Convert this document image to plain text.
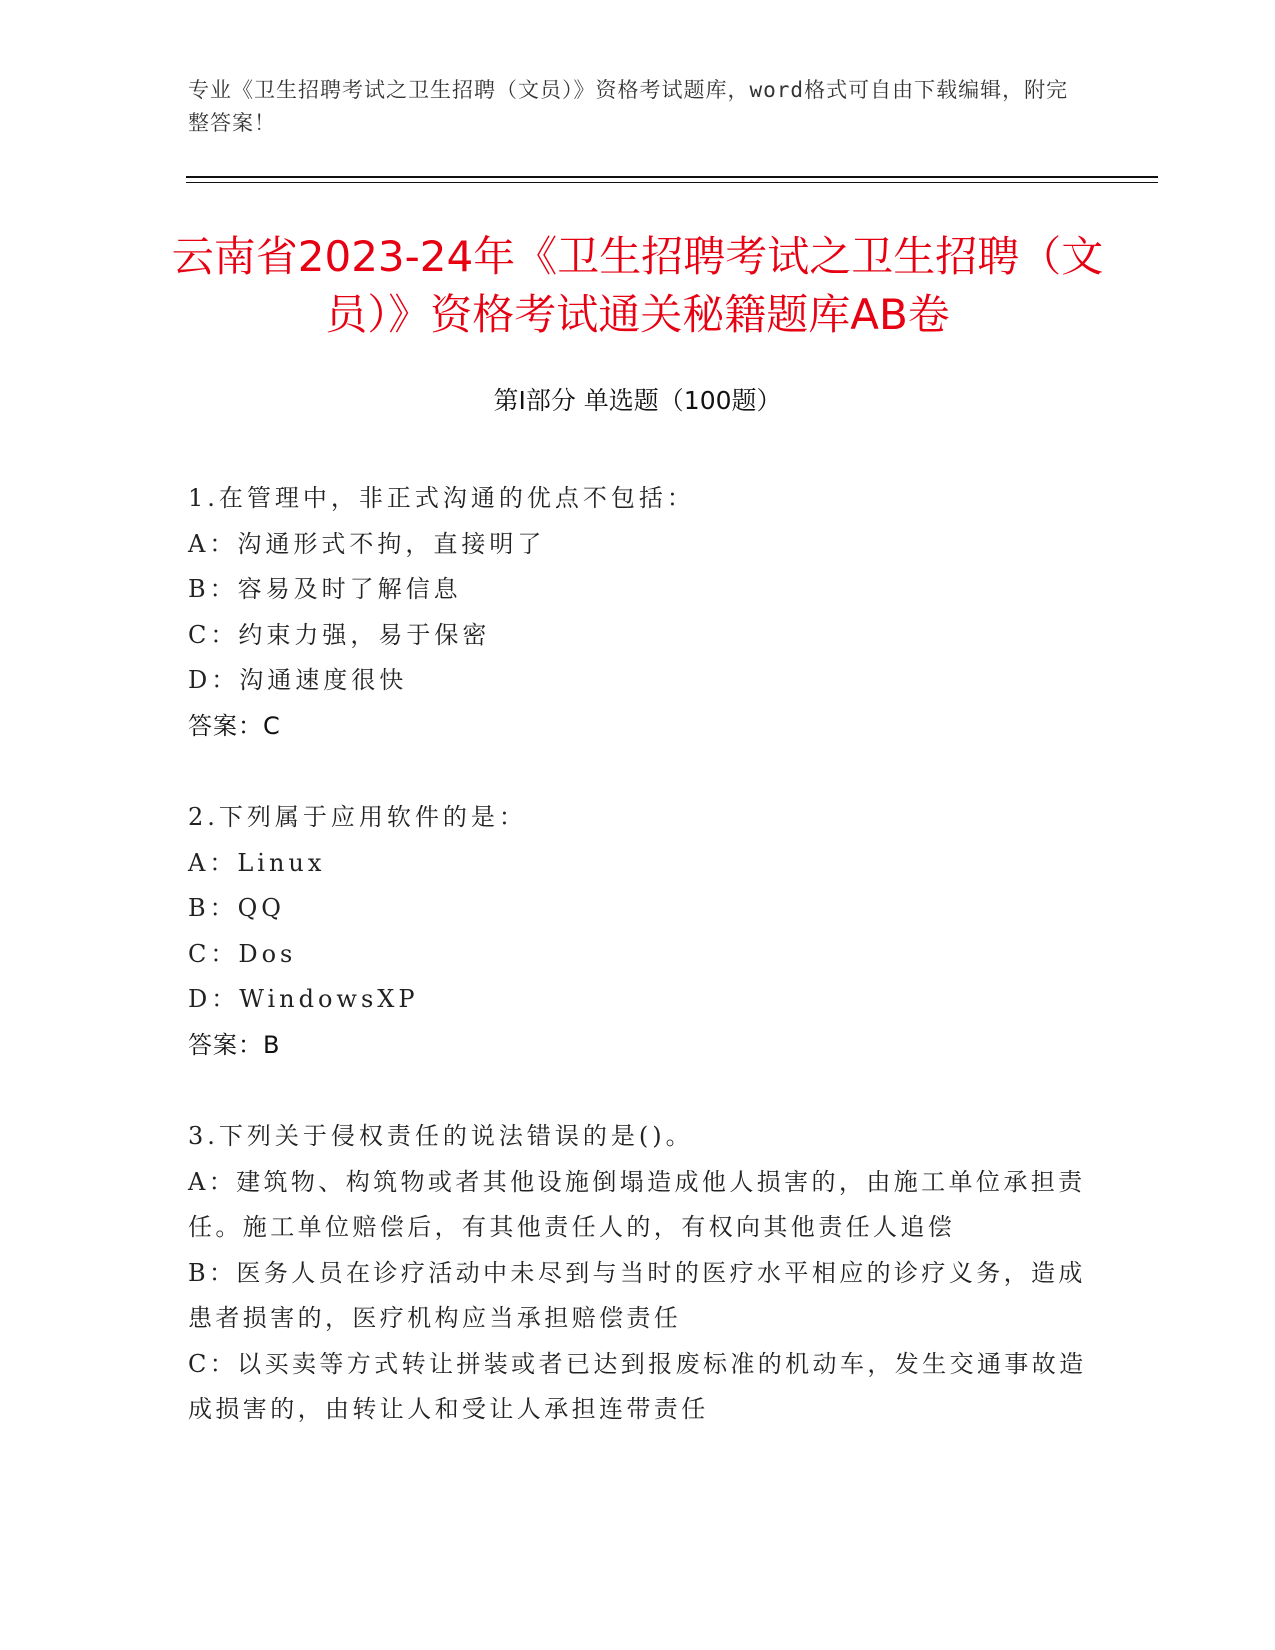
专业《卫生招聘考试之卫生招聘（文员）》资格考试题库，word格式可自由下载编辑，附完整答案！
云南省2023-24年《卫生招聘考试之卫生招聘（文员）》资格考试通关秘籍题库AB卷
第Ⅰ部分 单选题（100题）
1.在管理中，非正式沟通的优点不包括：
A：沟通形式不拘，直接明了
B：容易及时了解信息
C：约束力强，易于保密
D：沟通速度很快
答案：C
2.下列属于应用软件的是：
A：Linux
B：QQ
C：Dos
D：WindowsXP
答案：B
3.下列关于侵权责任的说法错误的是()。
A：建筑物、构筑物或者其他设施倒塌造成他人损害的，由施工单位承担责任。施工单位赔偿后，有其他责任人的，有权向其他责任人追偿
B：医务人员在诊疗活动中未尽到与当时的医疗水平相应的诊疗义务，造成患者损害的，医疗机构应当承担赔偿责任
C：以买卖等方式转让拼装或者已达到报废标准的机动车，发生交通事故造成损害的，由转让人和受让人承担连带责任
